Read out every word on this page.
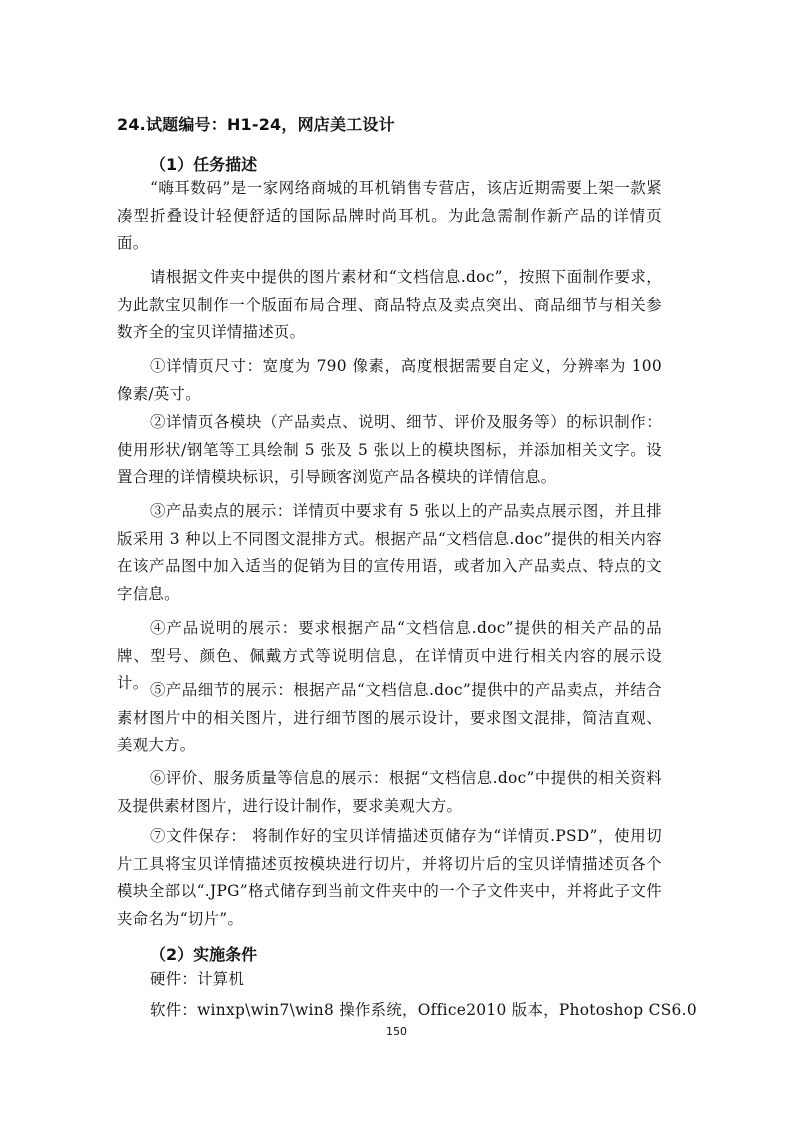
24.试题编号：H1-24，网店美工设计
（1）任务描述
“嗨耳数码”是一家网络商城的耳机销售专营店，该店近期需要上架一款紧凑型折叠设计轻便舒适的国际品牌时尚耳机。为此急需制作新产品的详情页面。
请根据文件夹中提供的图片素材和“文档信息.doc”，按照下面制作要求，为此款宝贝制作一个版面布局合理、商品特点及卖点突出、商品细节与相关参数齐全的宝贝详情描述页。
①详情页尺寸：宽度为 790 像素，高度根据需要自定义，分辨率为 100 像素/英寸。
②详情页各模块（产品卖点、说明、细节、评价及服务等）的标识制作：使用形状/钢笔等工具绘制 5 张及 5 张以上的模块图标，并添加相关文字。设置合理的详情模块标识，引导顾客浏览产品各模块的详情信息。
③产品卖点的展示：详情页中要求有 5 张以上的产品卖点展示图，并且排版采用 3 种以上不同图文混排方式。根据产品“文档信息.doc”提供的相关内容在该产品图中加入适当的促销为目的宣传用语，或者加入产品卖点、特点的文字信息。
④产品说明的展示：要求根据产品“文档信息.doc”提供的相关产品的品牌、型号、颜色、佩戴方式等说明信息，在详情页中进行相关内容的展示设计。 ⑤产品细节的展示：根据产品“文档信息.doc”提供中的产品卖点，并结合素材图片中的相关图片，进行细节图的展示设计，要求图文混排，简洁直观、美观大方。
⑥评价、服务质量等信息的展示：根据“文档信息.doc”中提供的相关资料及提供素材图片，进行设计制作，要求美观大方。
⑦文件保存： 将制作好的宝贝详情描述页储存为“详情页.PSD”，使用切片工具将宝贝详情描述页按模块进行切片，并将切片后的宝贝详情描述页各个模块全部以“.JPG”格式储存到当前文件夹中的一个子文件夹中，并将此子文件夹命名为“切片”。
（2）实施条件
硬件：计算机
软件：winxp\win7\win8 操作系统，Office2010 版本，Photoshop CS6.0
150
